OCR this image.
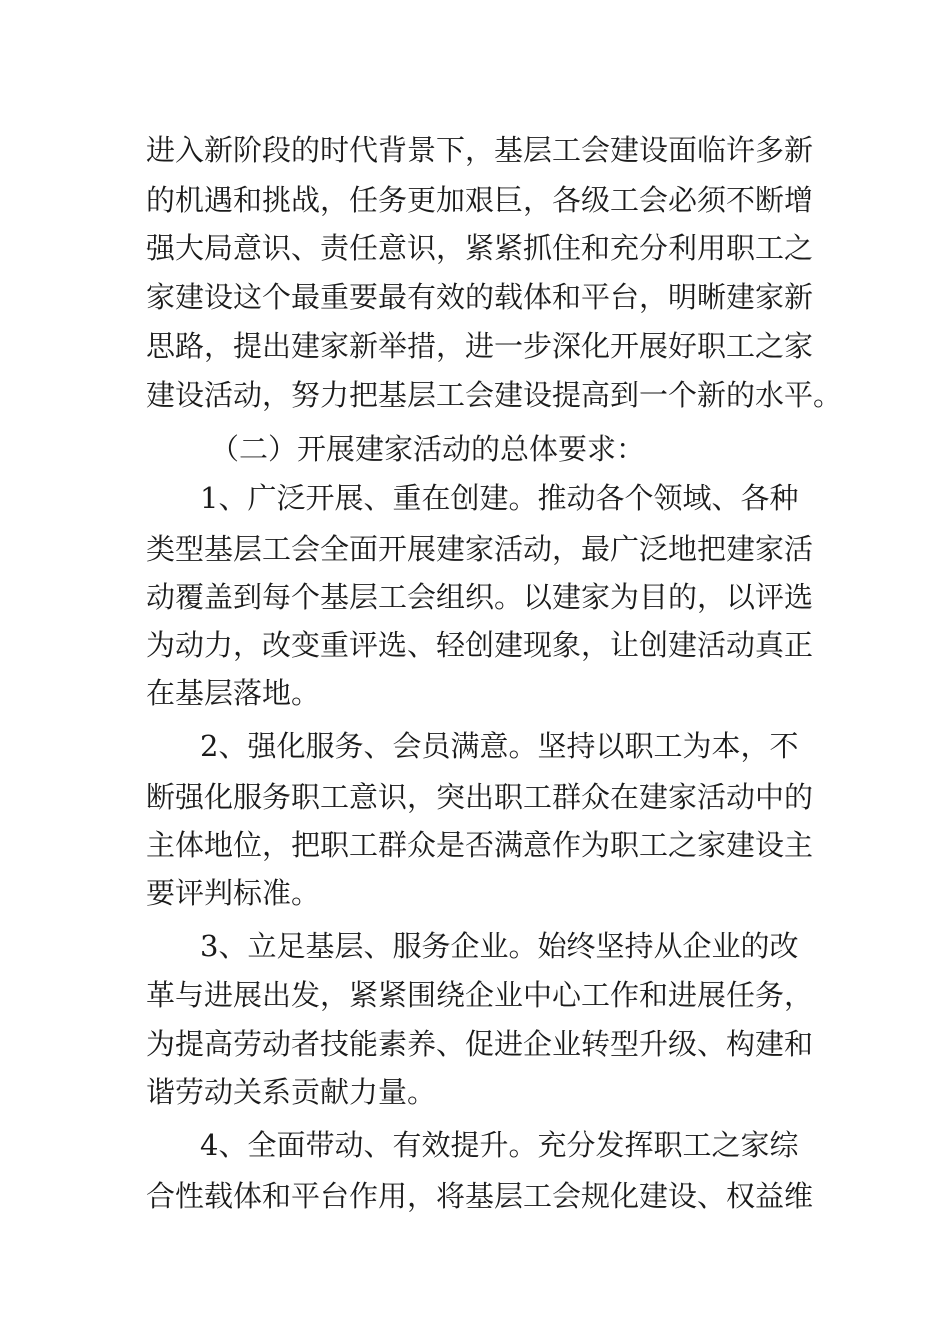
进入新阶段的时代背景下，基层工会建设面临许多新
的机遇和挑战，任务更加艰巨，各级工会必须不断增
强大局意识、责任意识，紧紧抓住和充分利用职工之
家建设这个最重要最有效的载体和平台，明晰建家新
思路，提出建家新举措，进一步深化开展好职工之家
建设活动，努力把基层工会建设提高到一个新的水平。
（二）开展建家活动的总体要求：
1、广泛开展、重在创建。推动各个领域、各种
类型基层工会全面开展建家活动，最广泛地把建家活
动覆盖到每个基层工会组织。以建家为目的，以评选
为动力，改变重评选、轻创建现象，让创建活动真正
在基层落地。
2、强化服务、会员满意。坚持以职工为本，不
断强化服务职工意识，突出职工群众在建家活动中的
主体地位，把职工群众是否满意作为职工之家建设主
要评判标准。
3、立足基层、服务企业。始终坚持从企业的改
革与进展出发，紧紧围绕企业中心工作和进展任务，
为提高劳动者技能素养、促进企业转型升级、构建和
谐劳动关系贡献力量。
4、全面带动、有效提升。充分发挥职工之家综
合性载体和平台作用，将基层工会规化建设、权益维
